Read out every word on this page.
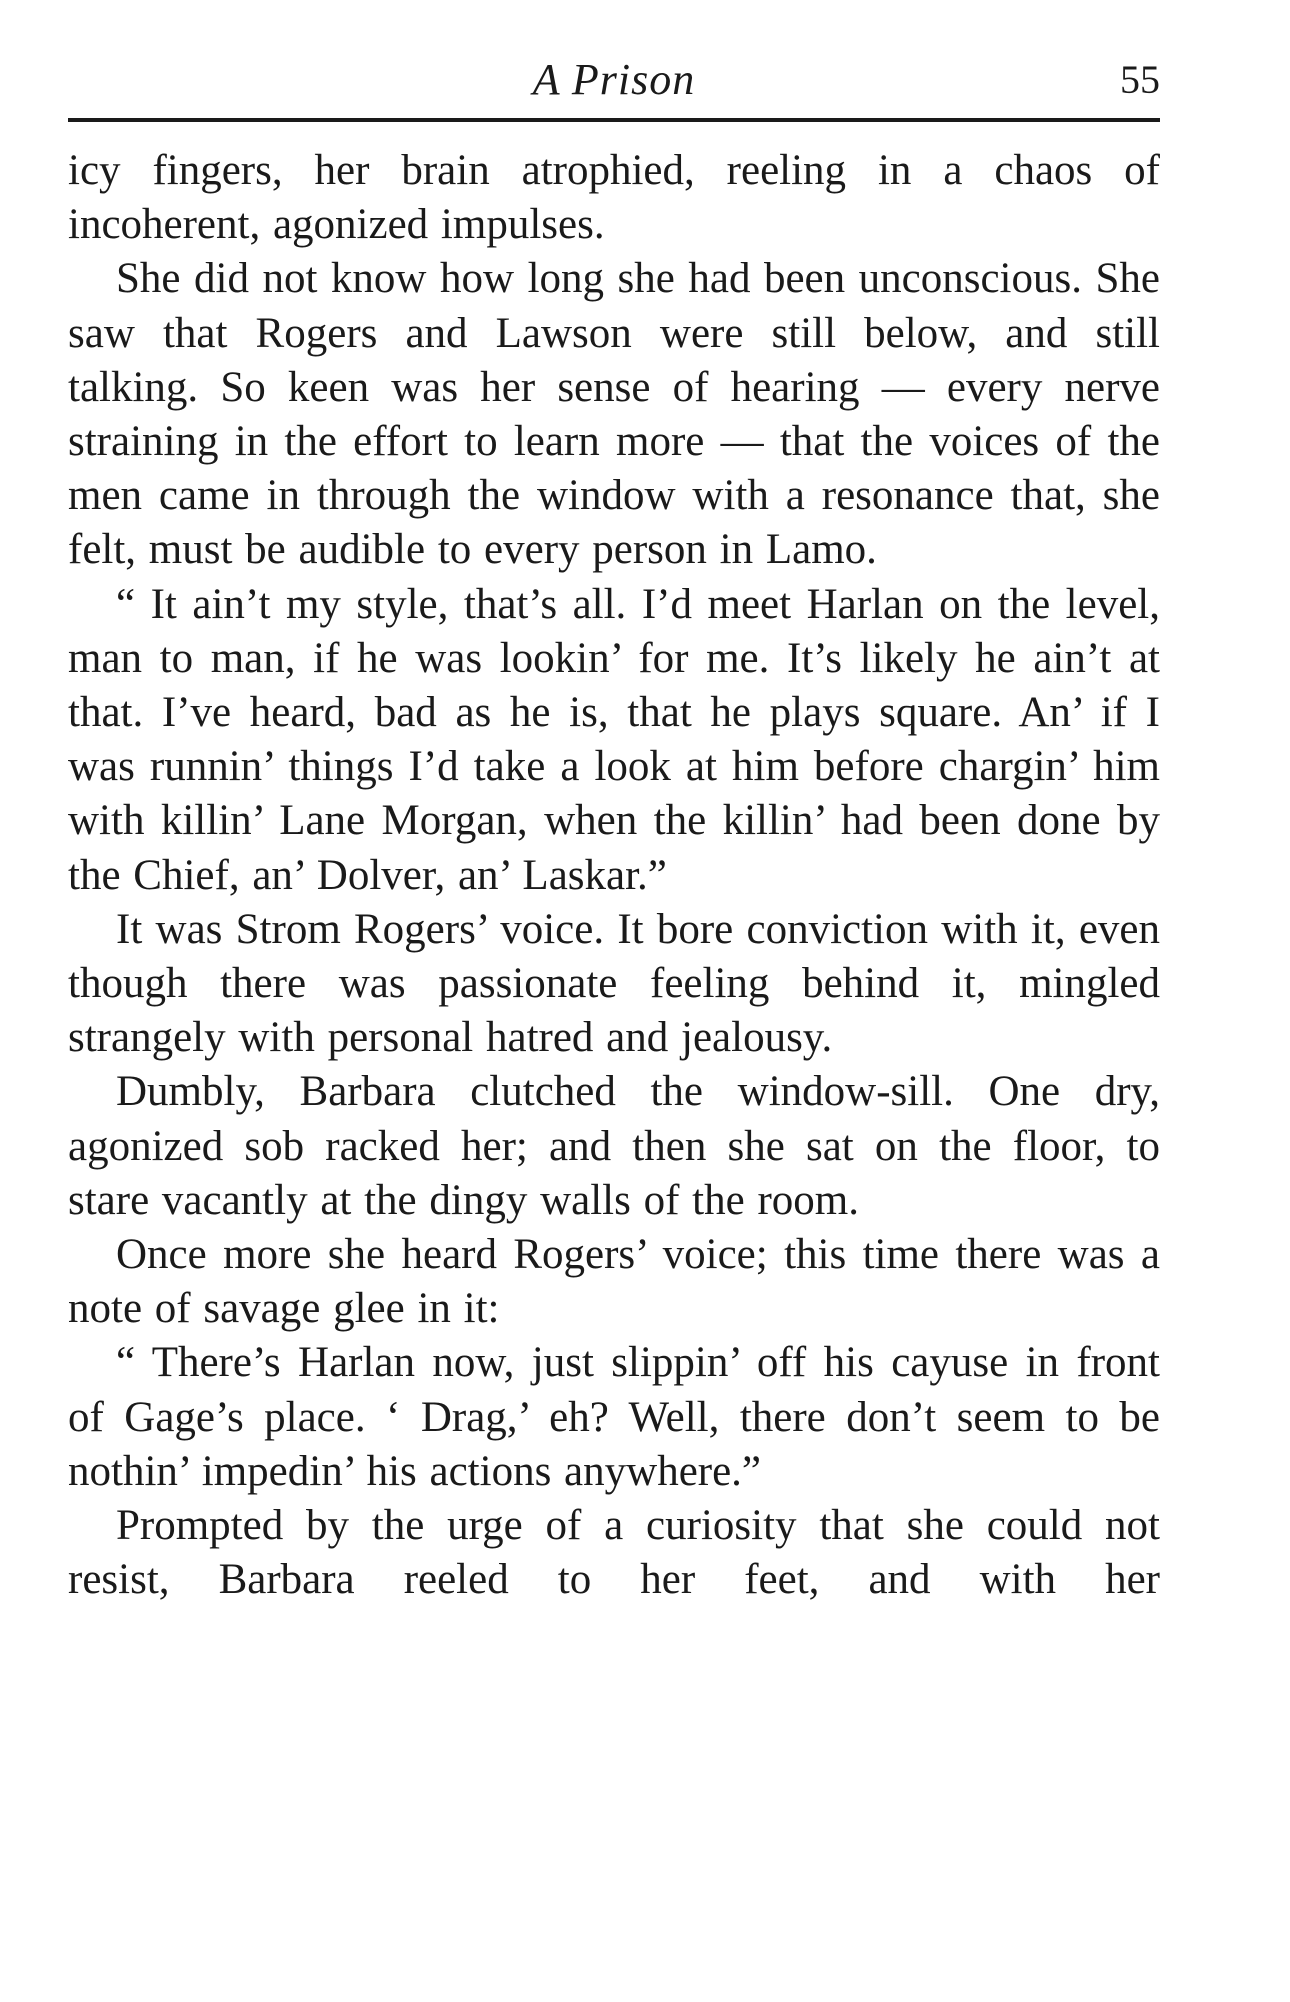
A Prison	55

icy fingers, her brain atrophied, reeling in a chaos of incoherent, agonized impulses.

She did not know how long she had been unconscious. She saw that Rogers and Lawson were still below, and still talking. So keen was her sense of hearing — every nerve straining in the effort to learn more — that the voices of the men came in through the window with a resonance that, she felt, must be audible to every person in Lamo.

“ It ain’t my style, that’s all. I’d meet Harlan on the level, man to man, if he was lookin’ for me. It’s likely he ain’t at that. I’ve heard, bad as he is, that he plays square. An’ if I was runnin’ things I’d take a look at him before chargin’ him with killin’ Lane Morgan, when the killin’ had been done by the Chief, an’ Dolver, an’ Laskar.”

It was Strom Rogers’ voice. It bore conviction with it, even though there was passionate feeling behind it, mingled strangely with personal hatred and jealousy.

Dumbly, Barbara clutched the window-sill. One dry, agonized sob racked her; and then she sat on the floor, to stare vacantly at the dingy walls of the room.

Once more she heard Rogers’ voice; this time there was a note of savage glee in it:

“ There’s Harlan now, just slippin’ off his cayuse in front of Gage’s place. ‘ Drag,’ eh? Well, there don’t seem to be nothin’ impedin’ his actions anywhere.”

Prompted by the urge of a curiosity that she could not resist, Barbara reeled to her feet, and with her
